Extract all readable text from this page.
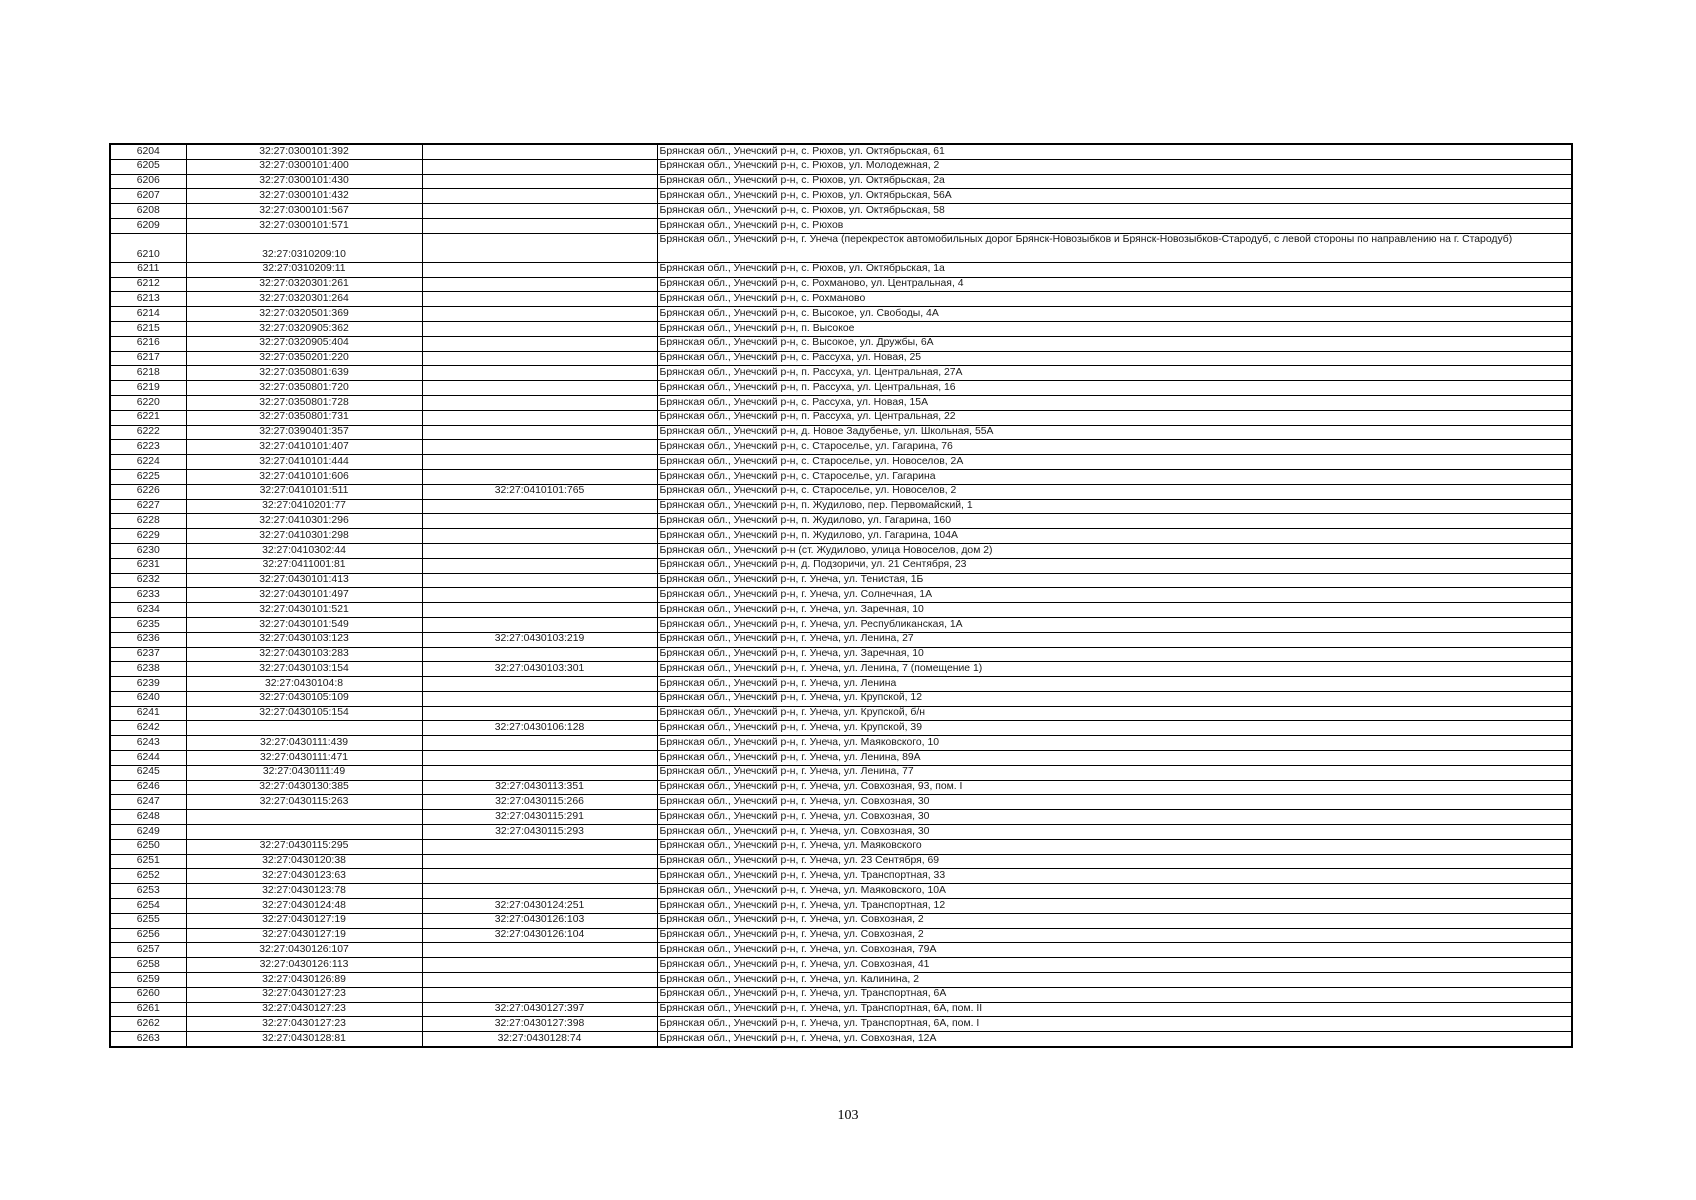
6204	32:27:0300101:392		Брянская обл., Унечский р-н, с. Рюхов, ул. Октябрьская, 61
6205	32:27:0300101:400		Брянская обл., Унечский р-н, с. Рюхов, ул. Молодежная, 2
6206	32:27:0300101:430		Брянская обл., Унечский р-н, с. Рюхов, ул. Октябрьская, 2а
6207	32:27:0300101:432		Брянская обл., Унечский р-н, с. Рюхов, ул. Октябрьская, 56А
6208	32:27:0300101:567		Брянская обл., Унечский р-н, с. Рюхов, ул. Октябрьская, 58
6209	32:27:0300101:571		Брянская обл., Унечский р-н, с. Рюхов
6210	32:27:0310209:10		Брянская обл., Унечский р-н, г. Унеча (перекресток автомобильных дорог Брянск-Новозыбков и Брянск-Новозыбков-Стародуб, с левой стороны по направлению на г. Стародуб)
6211	32:27:0310209:11		Брянская обл., Унечский р-н, с. Рюхов, ул. Октябрьская, 1а
6212	32:27:0320301:261		Брянская обл., Унечский р-н, с. Рохманово, ул. Центральная, 4
6213	32:27:0320301:264		Брянская обл., Унечский р-н, с. Рохманово
6214	32:27:0320501:369		Брянская обл., Унечский р-н, с. Высокое, ул. Свободы, 4А
6215	32:27:0320905:362		Брянская обл., Унечский р-н, п. Высокое
6216	32:27:0320905:404		Брянская обл., Унечский р-н, с. Высокое, ул. Дружбы, 6А
6217	32:27:0350201:220		Брянская обл., Унечский р-н, с. Рассуха, ул. Новая, 25
6218	32:27:0350801:639		Брянская обл., Унечский р-н, п. Рассуха, ул. Центральная, 27А
6219	32:27:0350801:720		Брянская обл., Унечский р-н, п. Рассуха, ул. Центральная, 16
6220	32:27:0350801:728		Брянская обл., Унечский р-н, с. Рассуха, ул. Новая, 15А
6221	32:27:0350801:731		Брянская обл., Унечский р-н, п. Рассуха, ул. Центральная, 22
6222	32:27:0390401:357		Брянская обл., Унечский р-н, д. Новое Задубенье, ул. Школьная, 55А
6223	32:27:0410101:407		Брянская обл., Унечский р-н, с. Староселье, ул. Гагарина, 76
6224	32:27:0410101:444		Брянская обл., Унечский р-н, с. Староселье, ул. Новоселов, 2А
6225	32:27:0410101:606		Брянская обл., Унечский р-н, с. Староселье, ул. Гагарина
6226	32:27:0410101:511	32:27:0410101:765	Брянская обл., Унечский р-н, с. Староселье, ул. Новоселов, 2
6227	32:27:0410201:77		Брянская обл., Унечский р-н, п. Жудилово, пер. Первомайский, 1
6228	32:27:0410301:296		Брянская обл., Унечский р-н, п. Жудилово, ул. Гагарина, 160
6229	32:27:0410301:298		Брянская обл., Унечский р-н, п. Жудилово, ул. Гагарина, 104А
6230	32:27:0410302:44		Брянская обл., Унечский р-н (ст. Жудилово, улица Новоселов, дом 2)
6231	32:27:0411001:81		Брянская обл., Унечский р-н, д. Подзоричи, ул. 21 Сентября, 23
6232	32:27:0430101:413		Брянская обл., Унечский р-н, г. Унеча, ул. Тенистая, 1Б
6233	32:27:0430101:497		Брянская обл., Унечский р-н, г. Унеча, ул. Солнечная, 1А
6234	32:27:0430101:521		Брянская обл., Унечский р-н, г. Унеча, ул. Заречная, 10
6235	32:27:0430101:549		Брянская обл., Унечский р-н, г. Унеча, ул. Республиканская, 1А
6236	32:27:0430103:123	32:27:0430103:219	Брянская обл., Унечский р-н, г. Унеча, ул. Ленина, 27
6237	32:27:0430103:283		Брянская обл., Унечский р-н, г. Унеча, ул. Заречная, 10
6238	32:27:0430103:154	32:27:0430103:301	Брянская обл., Унечский р-н, г. Унеча, ул. Ленина, 7 (помещение 1)
6239	32:27:0430104:8		Брянская обл., Унечский р-н, г. Унеча, ул. Ленина
6240	32:27:0430105:109		Брянская обл., Унечский р-н, г. Унеча, ул. Крупской, 12
6241	32:27:0430105:154		Брянская обл., Унечский р-н, г. Унеча, ул. Крупской, б/н
6242		32:27:0430106:128	Брянская обл., Унечский р-н, г. Унеча, ул. Крупской, 39
6243	32:27:0430111:439		Брянская обл., Унечский р-н, г. Унеча, ул. Маяковского, 10
6244	32:27:0430111:471		Брянская обл., Унечский р-н, г. Унеча, ул. Ленина, 89А
6245	32:27:0430111:49		Брянская обл., Унечский р-н, г. Унеча, ул. Ленина, 77
6246	32:27:0430130:385	32:27:0430113:351	Брянская обл., Унечский р-н, г. Унеча, ул. Совхозная, 93, пом. I
6247	32:27:0430115:263	32:27:0430115:266	Брянская обл., Унечский р-н, г. Унеча, ул. Совхозная, 30
6248		32:27:0430115:291	Брянская обл., Унечский р-н, г. Унеча, ул. Совхозная, 30
6249		32:27:0430115:293	Брянская обл., Унечский р-н, г. Унеча, ул. Совхозная, 30
6250	32:27:0430115:295		Брянская обл., Унечский р-н, г. Унеча, ул. Маяковского
6251	32:27:0430120:38		Брянская обл., Унечский р-н, г. Унеча, ул. 23 Сентября, 69
6252	32:27:0430123:63		Брянская обл., Унечский р-н, г. Унеча, ул. Транспортная, 33
6253	32:27:0430123:78		Брянская обл., Унечский р-н, г. Унеча, ул. Маяковского, 10А
6254	32:27:0430124:48	32:27:0430124:251	Брянская обл., Унечский р-н, г. Унеча, ул. Транспортная, 12
6255	32:27:0430127:19	32:27:0430126:103	Брянская обл., Унечский р-н, г. Унеча, ул. Совхозная, 2
6256	32:27:0430127:19	32:27:0430126:104	Брянская обл., Унечский р-н, г. Унеча, ул. Совхозная, 2
6257	32:27:0430126:107		Брянская обл., Унечский р-н, г. Унеча, ул. Совхозная, 79А
6258	32:27:0430126:113		Брянская обл., Унечский р-н, г. Унеча, ул. Совхозная, 41
6259	32:27:0430126:89		Брянская обл., Унечский р-н, г. Унеча, ул. Калинина, 2
6260	32:27:0430127:23		Брянская обл., Унечский р-н, г. Унеча, ул. Транспортная, 6А
6261	32:27:0430127:23	32:27:0430127:397	Брянская обл., Унечский р-н, г. Унеча, ул. Транспортная, 6А, пом. II
6262	32:27:0430127:23	32:27:0430127:398	Брянская обл., Унечский р-н, г. Унеча, ул. Транспортная, 6А, пом. I
6263	32:27:0430128:81	32:27:0430128:74	Брянская обл., Унечский р-н, г. Унеча, ул. Совхозная, 12А
103
